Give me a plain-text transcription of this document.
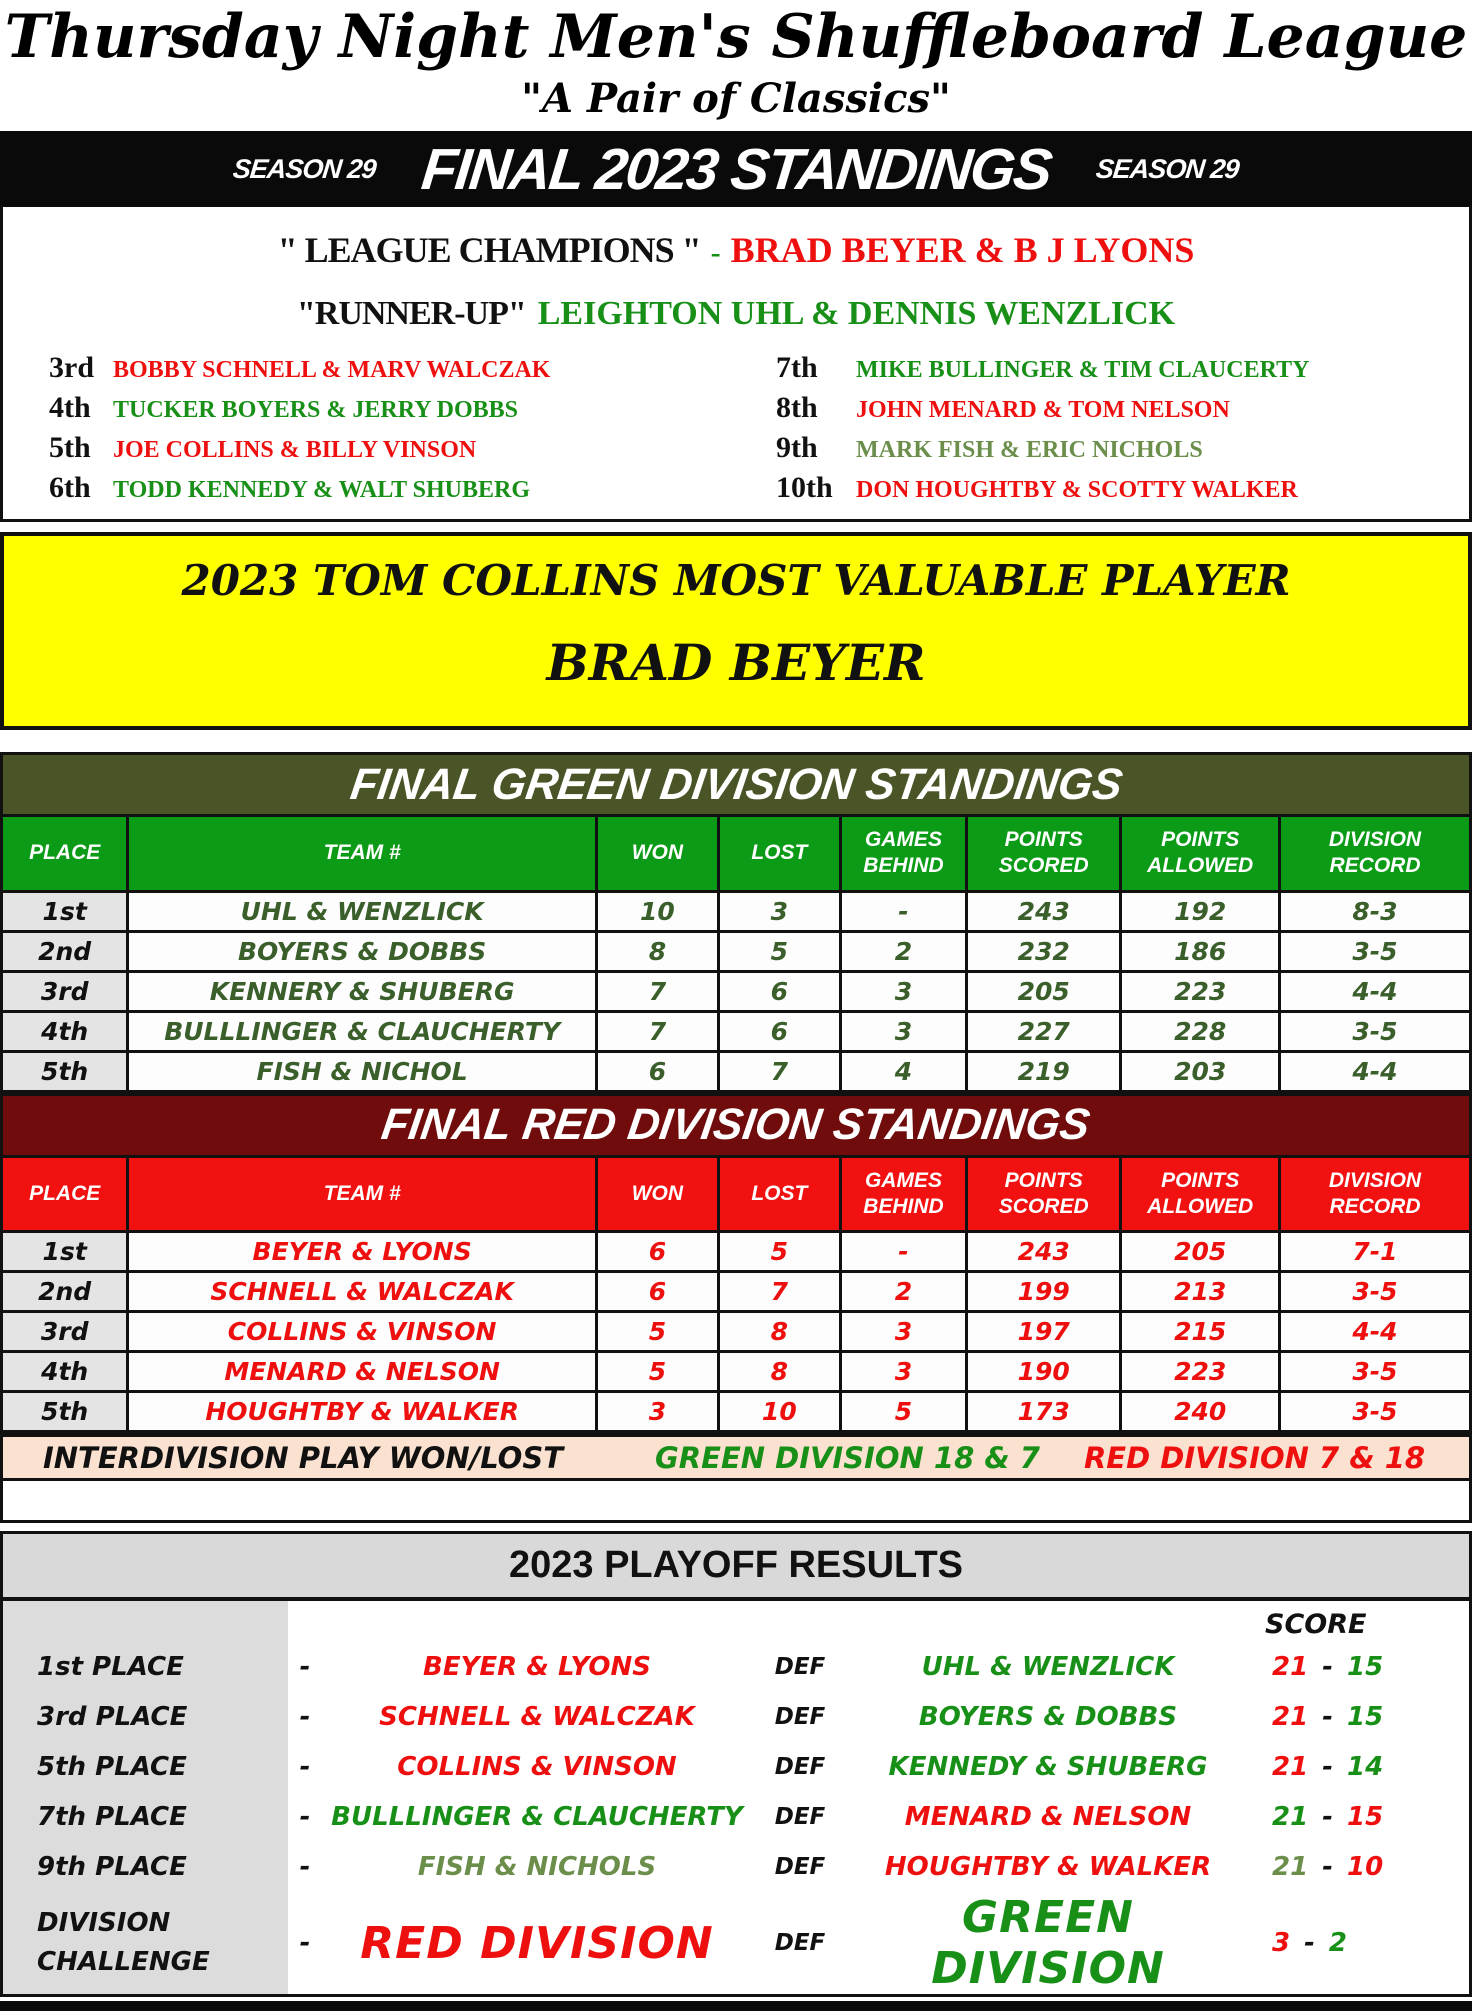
Thursday Night Men's Shuffleboard League
"A Pair of Classics"
SEASON 29 FINAL 2023 STANDINGS SEASON 29
" LEAGUE CHAMPIONS " - BRAD BEYER & B J LYONS
"RUNNER-UP" LEIGHTON UHL & DENNIS WENZLICK
3rd BOBBY SCHNELL & MARV WALCZAK	7th	MIKE BULLINGER & TIM CLAUCERTY
4th TUCKER BOYERS & JERRY DOBBS	8th	JOHN MENARD & TOM NELSON
5th JOE COLLINS & BILLY VINSON	9th	MARK FISH & ERIC NICHOLS
6th TODD KENNEDY & WALT SHUBERG	10th DON HOUGHTBY & SCOTTY WALKER
2023 TOM COLLINS MOST VALUABLE PLAYER
BRAD BEYER
FINAL GREEN DIVISION STANDINGS							
PLACE	TEAM #	WON	LOST	GAMES BEHIND	POINTS SCORED	POINTS ALLOWED	DIVISION RECORD
1st	UHL & WENZLICK	10	3	-	243	192	8-3
2nd	BOYERS & DOBBS	8	5	2	232	186	3-5
3rd	KENNERY & SHUBERG	7	6	3	205	223	4-4
4th	BULLLINGER & CLAUCHERTY	7	6	3	227	228	3-5
5th	FISH & NICHOL	6	7	4	219	203	4-4
FINAL RED DIVISION STANDINGS							
PLACE	TEAM #	WON	LOST	GAMES BEHIND	POINTS SCORED	POINTS ALLOWED	DIVISION RECORD
1st	BEYER & LYONS	6	5	-	243	205	7-1
2nd	SCHNELL & WALCZAK	6	7	2	199	213	3-5
3rd	COLLINS & VINSON	5	8	3	197	215	4-4
4th	MENARD & NELSON	5	8	3	190	223	3-5
5th	HOUGHTBY & WALKER	3	10	5	173	240	3-5
INTERDIVISION PLAY WON/LOST	GREEN DIVISION 18 & 7	RED DIVISION 7 & 18
2023 PLAYOFF RESULTS
SCORE
1st PLACE	-	BEYER & LYONS	DEF	UHL & WENZLICK	21 - 15
3rd PLACE	-	SCHNELL & WALCZAK	DEF	BOYERS & DOBBS	21 - 15
5th PLACE	-	COLLINS & VINSON	DEF	KENNEDY & SHUBERG	21 - 14
7th PLACE	- BULLLINGER & CLAUCHERTY	DEF	MENARD & NELSON	21 - 15
9th PLACE	-	FISH & NICHOLS	DEF	HOUGHTBY & WALKER	21 - 10
DIVISION
CHALLENGE
-	RED DIVISION	DEF	GREEN DIVISION	3 - 2
